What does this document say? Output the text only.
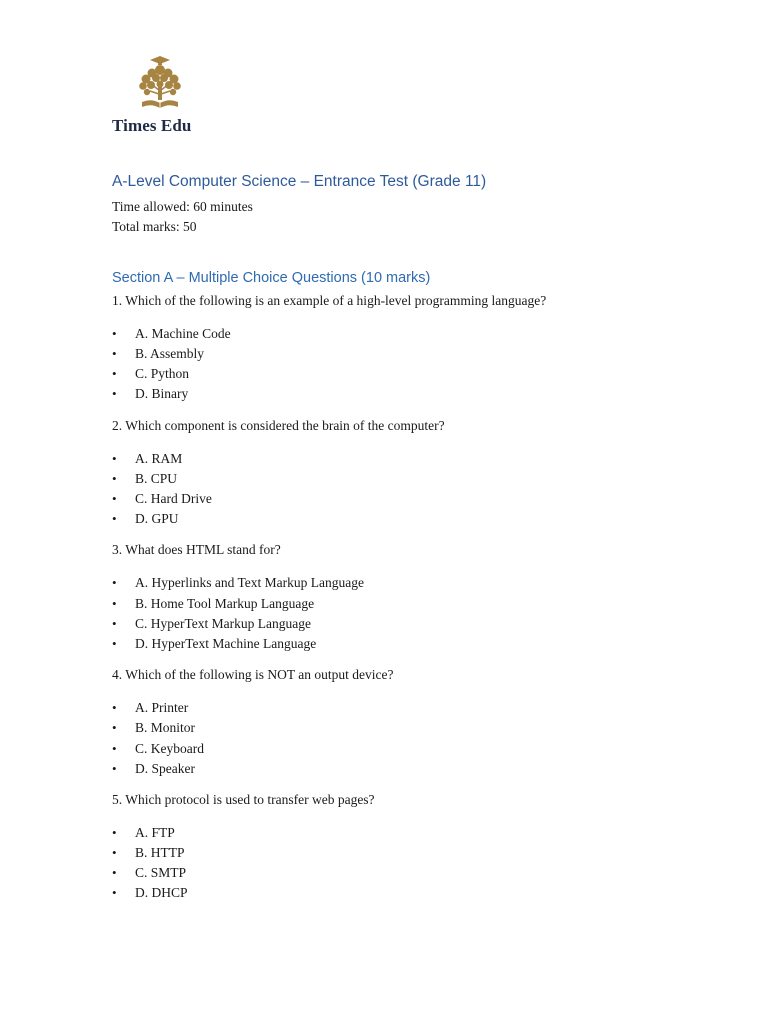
Times Edu
A-Level Computer Science – Entrance Test (Grade 11)
Time allowed: 60 minutes
Total marks: 50
Section A – Multiple Choice Questions (10 marks)
1. Which of the following is an example of a high-level programming language?
• A. Machine Code
• B. Assembly
• C. Python
• D. Binary
2. Which component is considered the brain of the computer?
• A. RAM
• B. CPU
• C. Hard Drive
• D. GPU
3. What does HTML stand for?
• A. Hyperlinks and Text Markup Language
• B. Home Tool Markup Language
• C. HyperText Markup Language
• D. HyperText Machine Language
4. Which of the following is NOT an output device?
• A. Printer
• B. Monitor
• C. Keyboard
• D. Speaker
5. Which protocol is used to transfer web pages?
• A. FTP
• B. HTTP
• C. SMTP
• D. DHCP
